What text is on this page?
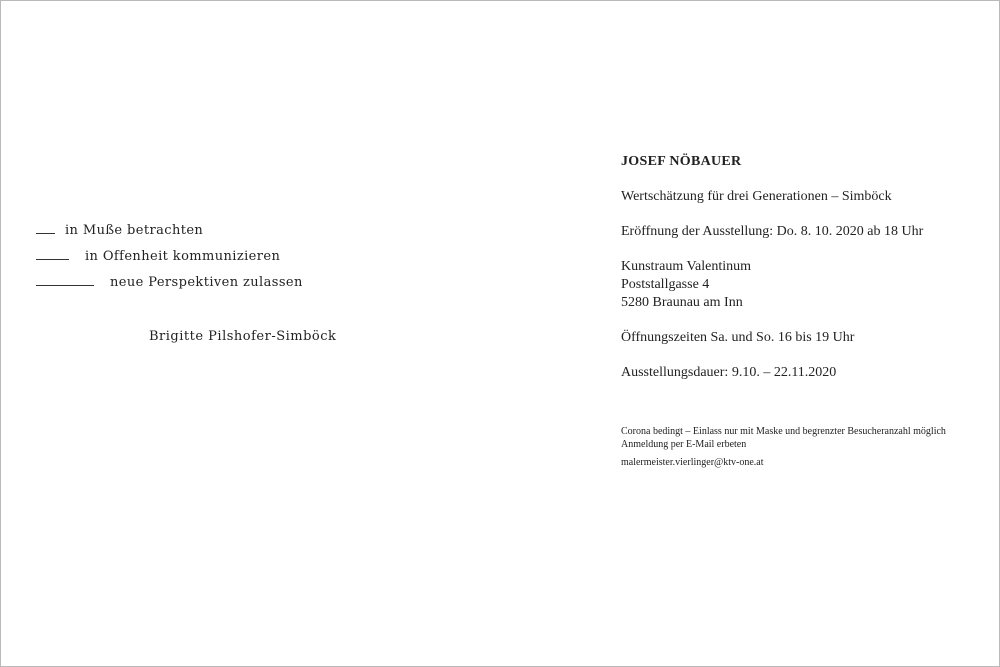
in Muße betrachten
in Offenheit kommunizieren
neue Perspektiven zulassen
Brigitte Pilshofer-Simböck
JOSEF NÖBAUER
Wertschätzung für drei Generationen – Simböck
Eröffnung der Ausstellung: Do. 8. 10. 2020 ab 18 Uhr
Kunstraum Valentinum
Poststallgasse 4
5280 Braunau am Inn
Öffnungszeiten Sa. und So. 16 bis 19 Uhr
Ausstellungsdauer: 9.10. – 22.11.2020
Corona bedingt – Einlass nur mit Maske und begrenzter Besucheranzahl möglich
Anmeldung per E-Mail erbeten
malermeister.vierlinger@ktv-one.at
